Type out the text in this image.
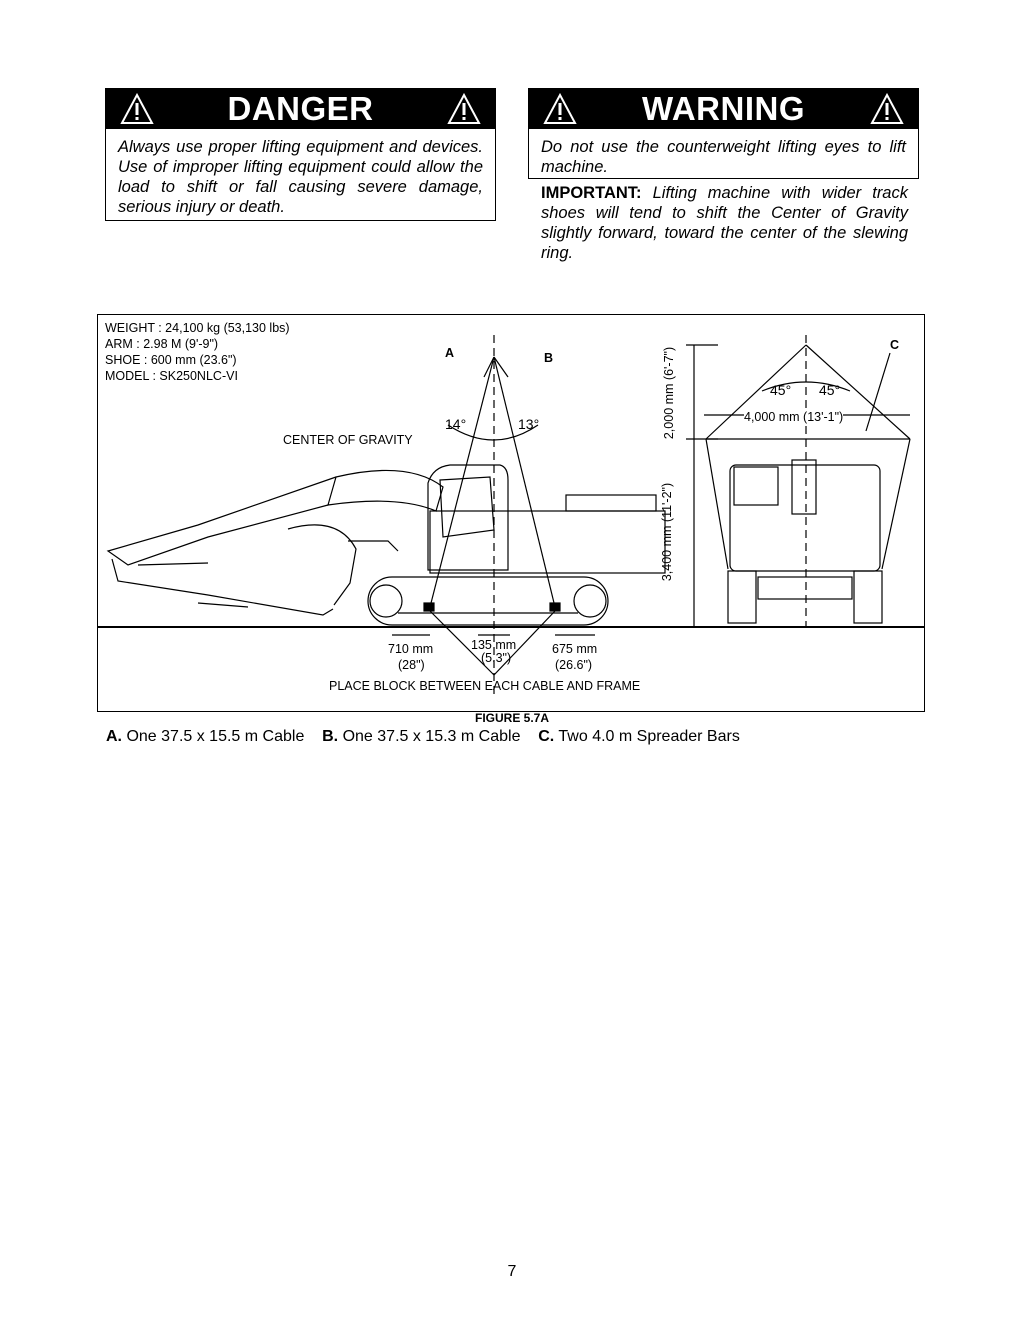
DANGER
Always use proper lifting equipment and devices. Use of improper lifting equipment could allow the load to shift or fall causing severe damage, serious injury or death.
WARNING
Do not use the counterweight lifting eyes to lift machine.
IMPORTANT: Lifting machine with wider track shoes will tend to shift the Center of Gravity slightly forward, toward the center of the slewing ring.
WEIGHT : 24,100 kg (53,130 lbs)
ARM : 2.98 M (9'-9")
SHOE : 600 mm (23.6")
MODEL : SK250NLC-VI
A	B
C
14°	13°
45° 45°
CENTER OF GRAVITY
4,000 mm (13'-1")
2,000 mm (6'-7")
3,400 mm (11'-2")
710 mm
(28")
135 mm
(5.3")
675 mm
(26.6")
PLACE BLOCK BETWEEN EACH CABLE AND FRAME
FIGURE 5.7A
A. One 37.5 x 15.5 m Cable B. One 37.5 x 15.3 m Cable C. Two 4.0 m Spreader Bars
7
